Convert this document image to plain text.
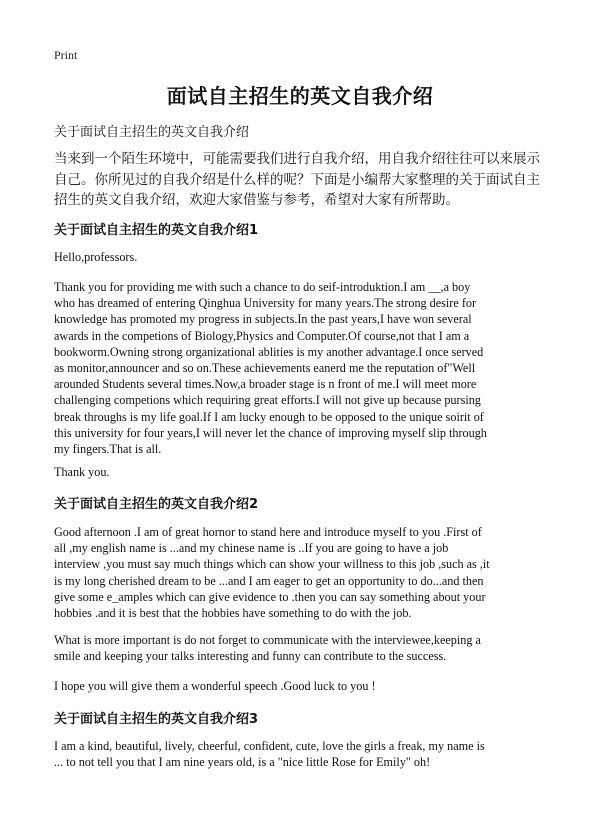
Print
面试自主招生的英文自我介绍

关于面试自主招生的英文自我介绍

当来到一个陌生环境中，可能需要我们进行自我介绍，用自我介绍往往可以来展示
自己。你所见过的自我介绍是什么样的呢？下面是小编帮大家整理的关于面试自主
招生的英文自我介绍，欢迎大家借鉴与参考，希望对大家有所帮助。

关于面试自主招生的英文自我介绍1

Hello,professors.

Thank you for providing me with such a chance to do seif-introduktion.I am __,a boy
who has dreamed of entering Qinghua University for many years.The strong desire for
knowledge has promoted my progress in subjects.In the past years,I have won several
awards in the competions of Biology,Physics and Computer.Of course,not that I am a
bookworm.Owning strong organizational ablities is my another advantage.I once served
as monitor,announcer and so on.These achievements eanerd me the reputation of"Well
arounded Students several times.Now,a broader stage is n front of me.I will meet more
challenging competions which requiring great efforts.I will not give up because pursing
break throughs is my life goal.If I am lucky enough to be opposed to the unique soirit of
this university for four years,I will never let the chance of improving myself slip through
my fingers.That is all.

Thank you.

关于面试自主招生的英文自我介绍2

Good afternoon .I am of great hornor to stand here and introduce myself to you .First of
all ,my english name is ...and my chinese name is ..If you are going to have a job
interview ,you must say much things which can show your willness to this job ,such as ,it
is my long cherished dream to be ...and I am eager to get an opportunity to do...and then
give some e_amples which can give evidence to .then you can say something about your
hobbies .and it is best that the hobbies have something to do with the job.

What is more important is do not forget to communicate with the interviewee,keeping a
smile and keeping your talks interesting and funny can contribute to the success.

I hope you will give them a wonderful speech .Good luck to you !

关于面试自主招生的英文自我介绍3

I am a kind, beautiful, lively, cheerful, confident, cute, love the girls a freak, my name is
... to not tell you that I am nine years old, is a "nice little Rose for Emily" oh!
